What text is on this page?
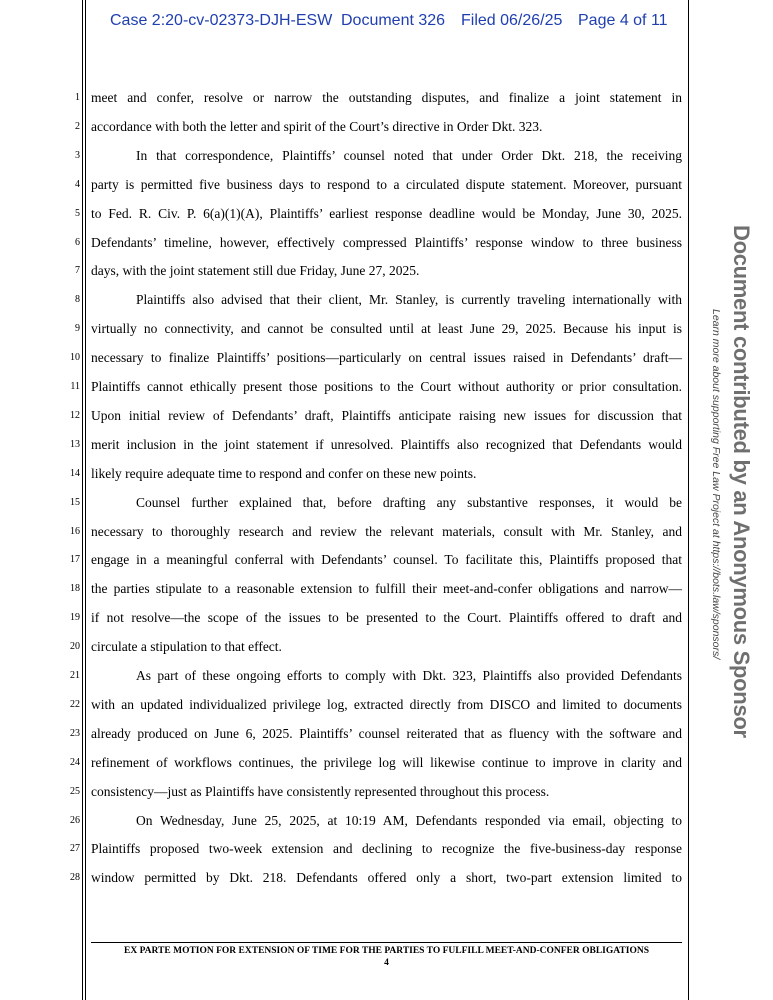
Case 2:20-cv-02373-DJH-ESW Document 326 Filed 06/26/25 Page 4 of 11
1
2
3
4
5
6
7
8
9
10
11
12
13
14
15
16
17
18
19
20
21
22
23
24
25
26
27
28
meet and confer, resolve or narrow the outstanding disputes, and finalize a joint statement in
accordance with both the letter and spirit of the Court’s directive in Order Dkt. 323.
In that correspondence, Plaintiffs’ counsel noted that under Order Dkt. 218, the receiving
party is permitted five business days to respond to a circulated dispute statement. Moreover, pursuant
to Fed. R. Civ. P. 6(a)(1)(A), Plaintiffs’ earliest response deadline would be Monday, June 30, 2025.
Defendants’ timeline, however, effectively compressed Plaintiffs’ response window to three business
days, with the joint statement still due Friday, June 27, 2025.
Plaintiffs also advised that their client, Mr. Stanley, is currently traveling internationally with
virtually no connectivity, and cannot be consulted until at least June 29, 2025. Because his input is
necessary to finalize Plaintiffs’ positions—particularly on central issues raised in Defendants’ draft—
Plaintiffs cannot ethically present those positions to the Court without authority or prior consultation.
Upon initial review of Defendants’ draft, Plaintiffs anticipate raising new issues for discussion that
merit inclusion in the joint statement if unresolved. Plaintiffs also recognized that Defendants would
likely require adequate time to respond and confer on these new points.
Counsel further explained that, before drafting any substantive responses, it would be
necessary to thoroughly research and review the relevant materials, consult with Mr. Stanley, and
engage in a meaningful conferral with Defendants’ counsel. To facilitate this, Plaintiffs proposed that
the parties stipulate to a reasonable extension to fulfill their meet-and-confer obligations and narrow—
if not resolve—the scope of the issues to be presented to the Court. Plaintiffs offered to draft and
circulate a stipulation to that effect.
As part of these ongoing efforts to comply with Dkt. 323, Plaintiffs also provided Defendants
with an updated individualized privilege log, extracted directly from DISCO and limited to documents
already produced on June 6, 2025. Plaintiffs’ counsel reiterated that as fluency with the software and
refinement of workflows continues, the privilege log will likewise continue to improve in clarity and
consistency—just as Plaintiffs have consistently represented throughout this process.
On Wednesday, June 25, 2025, at 10:19 AM, Defendants responded via email, objecting to
Plaintiffs proposed two-week extension and declining to recognize the five-business-day response
window permitted by Dkt. 218. Defendants offered only a short, two-part extension limited to
EX PARTE MOTION FOR EXTENSION OF TIME FOR THE PARTIES TO FULFILL MEET-AND-CONFER OBLIGATIONS
4
Document contributed by an Anonymous Sponsor
Learn more about supporting Free Law Project at https://bots.law/sponsors/
